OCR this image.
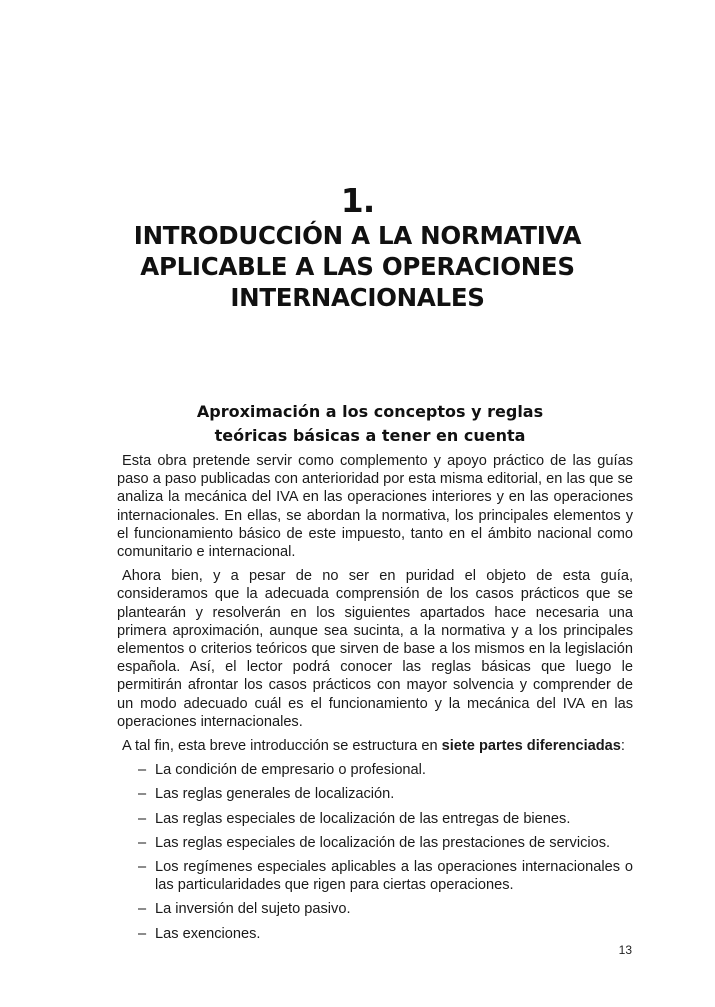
1.
INTRODUCCIÓN A LA NORMATIVA
APLICABLE A LAS OPERACIONES
INTERNACIONALES
Aproximación a los conceptos y reglas
teóricas básicas a tener en cuenta

Esta obra pretende servir como complemento y apoyo práctico de las guías paso a paso publicadas con anterioridad por esta misma editorial, en las que se analiza la mecánica del IVA en las operaciones interiores y en las operaciones internacionales. En ellas, se abordan la normativa, los principales elementos y el funcionamiento básico de este impuesto, tanto en el ámbito nacional como comunitario e internacional.

Ahora bien, y a pesar de no ser en puridad el objeto de esta guía, consideramos que la adecuada comprensión de los casos prácticos que se plantearán y resolverán en los siguientes apartados hace necesaria una primera aproximación, aunque sea sucinta, a la normativa y a los principales elementos o criterios teóricos que sirven de base a los mismos en la legislación española. Así, el lector podrá conocer las reglas básicas que luego le permitirán afrontar los casos prácticos con mayor solvencia y comprender de un modo adecuado cuál es el funcionamiento y la mecánica del IVA en las operaciones internacionales.

A tal fin, esta breve introducción se estructura en siete partes diferenciadas:

– La condición de empresario o profesional.
– Las reglas generales de localización.
– Las reglas especiales de localización de las entregas de bienes.
– Las reglas especiales de localización de las prestaciones de servicios.
– Los regímenes especiales aplicables a las operaciones internacionales o las particularidades que rigen para ciertas operaciones.
– La inversión del sujeto pasivo.
– Las exenciones.
13
